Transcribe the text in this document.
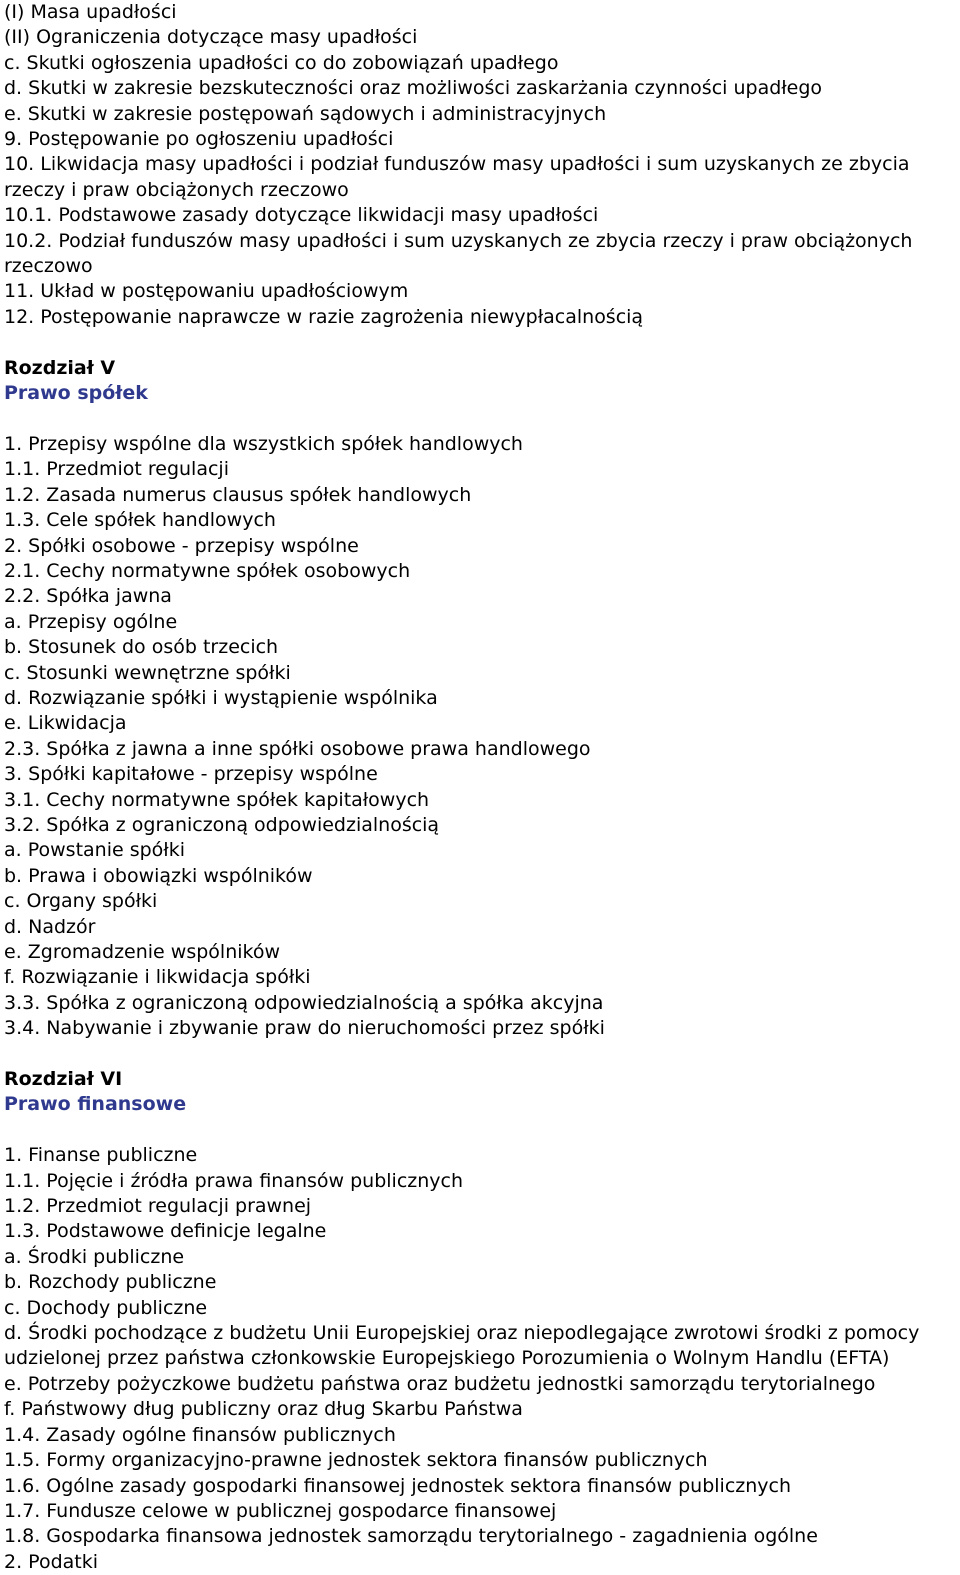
(I) Masa upadłości
(II) Ograniczenia dotyczące masy upadłości
c. Skutki ogłoszenia upadłości co do zobowiązań upadłego
d. Skutki w zakresie bezskuteczności oraz możliwości zaskarżania czynności upadłego
e. Skutki w zakresie postępowań sądowych i administracyjnych
9. Postępowanie po ogłoszeniu upadłości
10. Likwidacja masy upadłości i podział funduszów masy upadłości i sum uzyskanych ze zbycia rzeczy i praw obciążonych rzeczowo
10.1. Podstawowe zasady dotyczące likwidacji masy upadłości
10.2. Podział funduszów masy upadłości i sum uzyskanych ze zbycia rzeczy i praw obciążonych rzeczowo
11. Układ w postępowaniu upadłościowym
12. Postępowanie naprawcze w razie zagrożenia niewypłacalnością
Rozdział V
Prawo spółek
1. Przepisy wspólne dla wszystkich spółek handlowych
1.1. Przedmiot regulacji
1.2. Zasada numerus clausus spółek handlowych
1.3. Cele spółek handlowych
2. Spółki osobowe - przepisy wspólne
2.1. Cechy normatywne spółek osobowych
2.2. Spółka jawna
a. Przepisy ogólne
b. Stosunek do osób trzecich
c. Stosunki wewnętrzne spółki
d. Rozwiązanie spółki i wystąpienie wspólnika
e. Likwidacja
2.3. Spółka z jawna a inne spółki osobowe prawa handlowego
3. Spółki kapitałowe - przepisy wspólne
3.1. Cechy normatywne spółek kapitałowych
3.2. Spółka z ograniczoną odpowiedzialnością
a. Powstanie spółki
b. Prawa i obowiązki wspólników
c. Organy spółki
d. Nadzór
e. Zgromadzenie wspólników
f. Rozwiązanie i likwidacja spółki
3.3. Spółka z ograniczoną odpowiedzialnością a spółka akcyjna
3.4. Nabywanie i zbywanie praw do nieruchomości przez spółki
Rozdział VI
Prawo finansowe
1. Finanse publiczne
1.1. Pojęcie i źródła prawa finansów publicznych
1.2. Przedmiot regulacji prawnej
1.3. Podstawowe definicje legalne
a. Środki publiczne
b. Rozchody publiczne
c. Dochody publiczne
d. Środki pochodzące z budżetu Unii Europejskiej oraz niepodlegające zwrotowi środki z pomocy udzielonej przez państwa członkowskie Europejskiego Porozumienia o Wolnym Handlu (EFTA)
e. Potrzeby pożyczkowe budżetu państwa oraz budżetu jednostki samorządu terytorialnego
f. Państwowy dług publiczny oraz dług Skarbu Państwa
1.4. Zasady ogólne finansów publicznych
1.5. Formy organizacyjno-prawne jednostek sektora finansów publicznych
1.6. Ogólne zasady gospodarki finansowej jednostek sektora finansów publicznych
1.7. Fundusze celowe w publicznej gospodarce finansowej
1.8. Gospodarka finansowa jednostek samorządu terytorialnego - zagadnienia ogólne
2. Podatki
